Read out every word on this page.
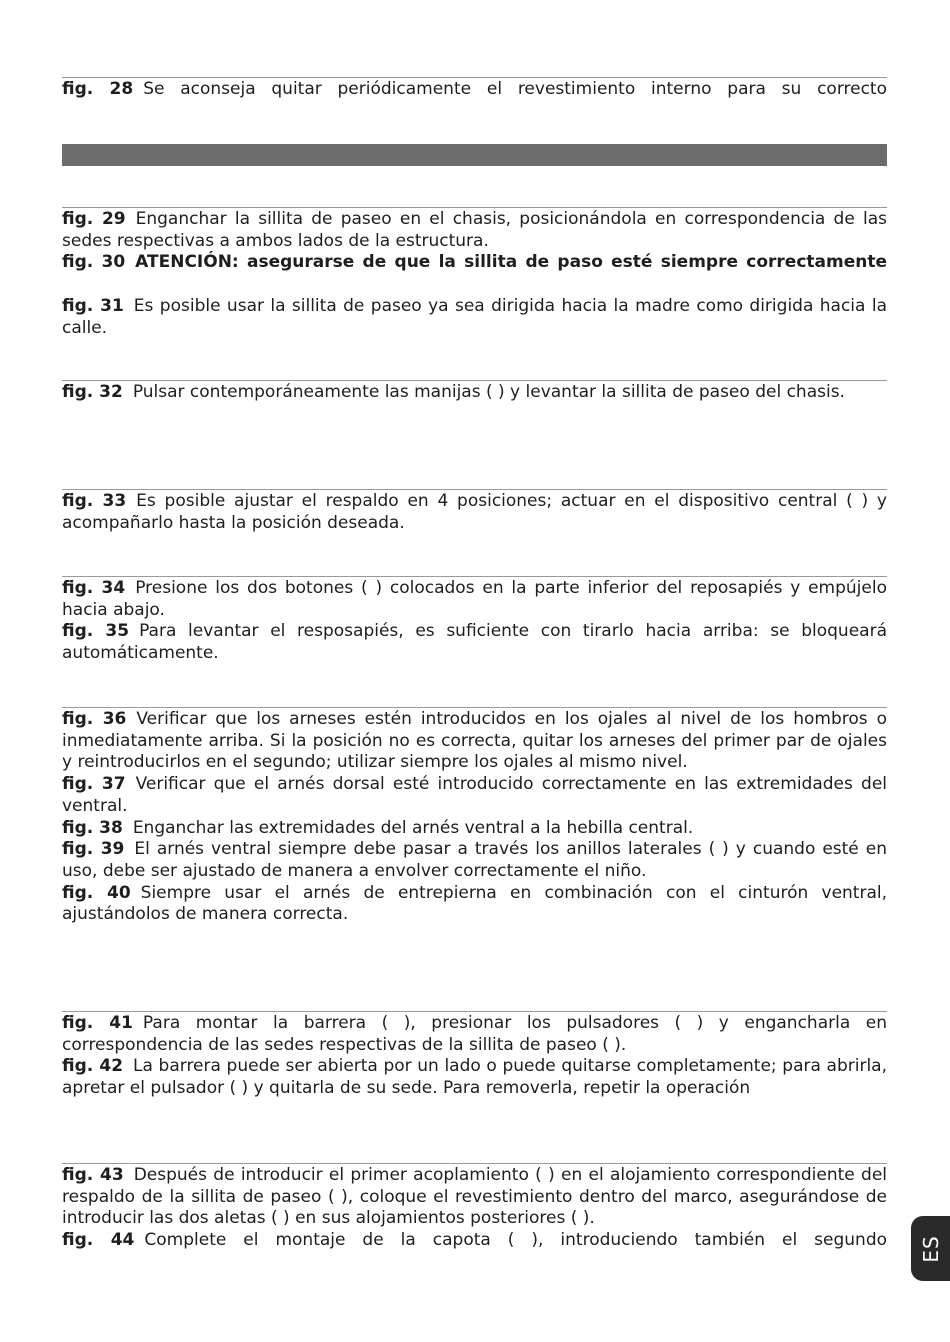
fig. 28 Se aconseja quitar periódicamente el revestimiento interno para su correcto

fig. 29 Enganchar la sillita de paseo en el chasis, posicionándola en correspondencia de las sedes respectivas a ambos lados de la estructura.

fig. 30 ATENCIÓN: asegurarse de que la sillita de paso esté siempre correctamente

fig. 31 Es posible usar la sillita de paseo ya sea dirigida hacia la madre como dirigida hacia la calle.

fig. 32 Pulsar contemporáneamente las manijas ( ) y levantar la sillita de paseo del chasis.

fig. 33 Es posible ajustar el respaldo en 4 posiciones; actuar en el dispositivo central ( ) y acompañarlo hasta la posición deseada.

fig. 34 Presione los dos botones ( ) colocados en la parte inferior del reposapiés y empújelo hacia abajo.

fig. 35 Para levantar el resposapiés, es suficiente con tirarlo hacia arriba: se bloqueará automáticamente.

fig. 36 Verificar que los arneses estén introducidos en los ojales al nivel de los hombros o inmediatamente arriba. Si la posición no es correcta, quitar los arneses del primer par de ojales y reintroducirlos en el segundo; utilizar siempre los ojales al mismo nivel.

fig. 37 Verificar que el arnés dorsal esté introducido correctamente en las extremidades del ventral.

fig. 38 Enganchar las extremidades del arnés ventral a la hebilla central.

fig. 39 El arnés ventral siempre debe pasar a través los anillos laterales ( ) y cuando esté en uso, debe ser ajustado de manera a envolver correctamente el niño.

fig. 40 Siempre usar el arnés de entrepierna en combinación con el cinturón ventral, ajustándolos de manera correcta.

fig. 41 Para montar la barrera ( ), presionar los pulsadores ( ) y engancharla en correspondencia de las sedes respectivas de la sillita de paseo ( ).

fig. 42 La barrera puede ser abierta por un lado o puede quitarse completamente; para abrirla, apretar el pulsador ( ) y quitarla de su sede. Para removerla, repetir la operación

fig. 43 Después de introducir el primer acoplamiento ( ) en el alojamiento correspondiente del respaldo de la sillita de paseo ( ), coloque el revestimiento dentro del marco, asegurándose de introducir las dos aletas ( ) en sus alojamientos posteriores ( ).

fig. 44 Complete el montaje de la capota ( ), introduciendo también el segundo ES
